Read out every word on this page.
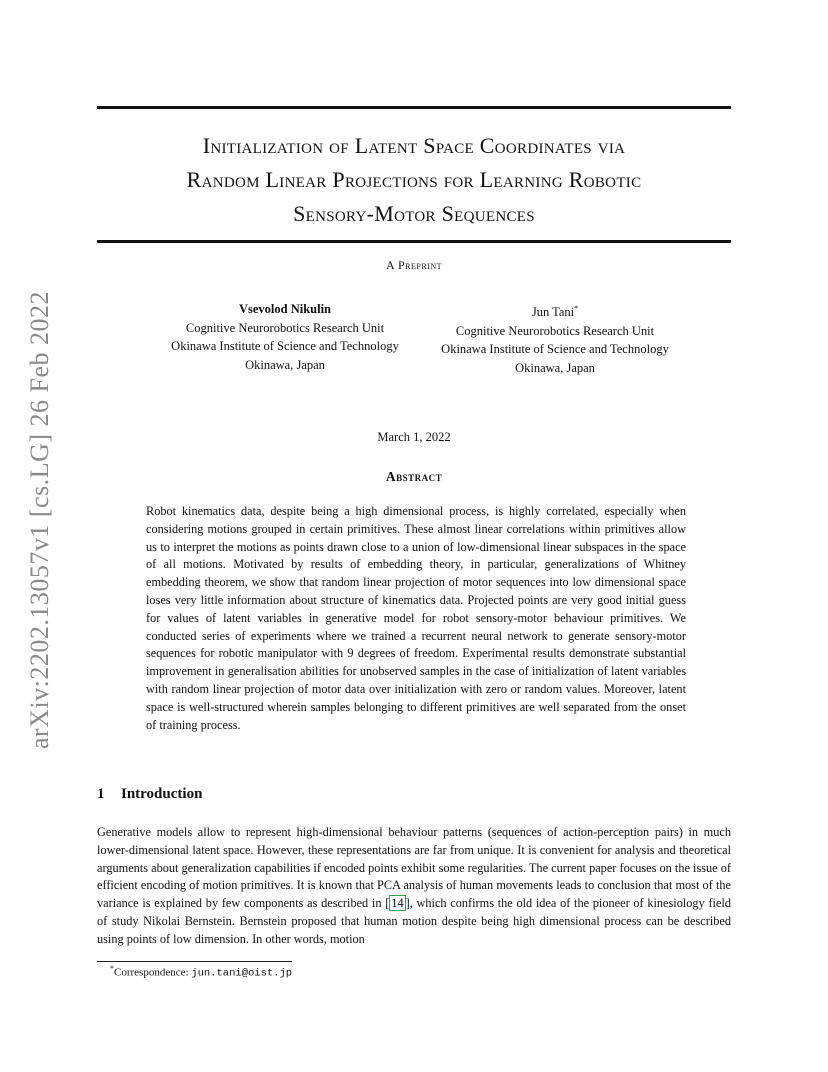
arXiv:2202.13057v1 [cs.LG] 26 Feb 2022
Initialization of Latent Space Coordinates via
Random Linear Projections for Learning Robotic
Sensory-Motor Sequences
A Preprint
Vsevolod Nikulin
Cognitive Neurorobotics Research Unit
Okinawa Institute of Science and Technology
Okinawa, Japan
Jun Tani*
Cognitive Neurorobotics Research Unit
Okinawa Institute of Science and Technology
Okinawa, Japan
March 1, 2022
Abstract
Robot kinematics data, despite being a high dimensional process, is highly correlated, especially when considering motions grouped in certain primitives. These almost linear correlations within primitives allow us to interpret the motions as points drawn close to a union of low-dimensional linear subspaces in the space of all motions. Motivated by results of embedding theory, in particular, generalizations of Whitney embedding theorem, we show that random linear projection of motor sequences into low dimensional space loses very little information about structure of kinematics data. Projected points are very good initial guess for values of latent variables in generative model for robot sensory-motor behaviour primitives. We conducted series of experiments where we trained a recurrent neural network to generate sensory-motor sequences for robotic manipulator with 9 degrees of freedom. Experimental results demonstrate substantial improvement in generalisation abilities for unobserved samples in the case of initialization of latent variables with random linear projection of motor data over initialization with zero or random values. Moreover, latent space is well-structured wherein samples belonging to different primitives are well separated from the onset of training process.
1 Introduction
Generative models allow to represent high-dimensional behaviour patterns (sequences of action-perception pairs) in much lower-dimensional latent space. However, these representations are far from unique. It is convenient for analysis and theoretical arguments about generalization capabilities if encoded points exhibit some regularities. The current paper focuses on the issue of efficient encoding of motion primitives. It is known that PCA analysis of human movements leads to conclusion that most of the variance is explained by few components as described in [ 14 ], which confirms the old idea of the pioneer of kinesiology field of study Nikolai Bernstein. Bernstein proposed that human motion despite being high dimensional process can be described using points of low dimension. In other words, motion
*Correspondence: jun.tani@oist.jp
